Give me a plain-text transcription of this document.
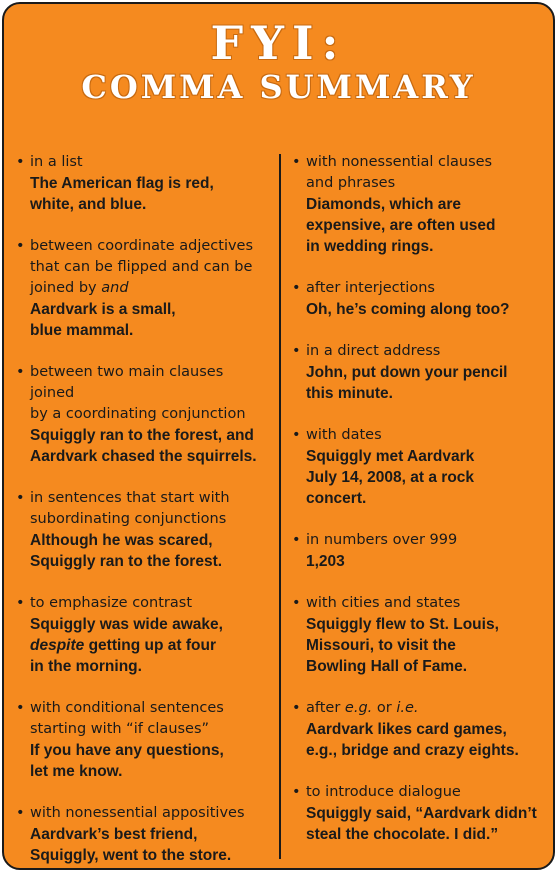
FYI:
COMMA SUMMARY
• in a list
The American flag is red,
white, and blue.
• between coordinate adjectives
that can be flipped and can be
joined by and
Aardvark is a small,
blue mammal.
• between two main clauses joined
by a coordinating conjunction
Squiggly ran to the forest, and
Aardvark chased the squirrels.
• in sentences that start with
subordinating conjunctions
Although he was scared,
Squiggly ran to the forest.
• to emphasize contrast
Squiggly was wide awake,
despite getting up at four
in the morning.
• with conditional sentences
starting with “if clauses”
If you have any questions,
let me know.
• with nonessential appositives
Aardvark’s best friend,
Squiggly, went to the store.
• with nonessential clauses
and phrases
Diamonds, which are
expensive, are often used
in wedding rings.
• after interjections
Oh, he’s coming along too?
• in a direct address
John, put down your pencil
this minute.
• with dates
Squiggly met Aardvark
July 14, 2008, at a rock
concert.
• in numbers over 999
1,203
• with cities and states
Squiggly flew to St. Louis,
Missouri, to visit the
Bowling Hall of Fame.
• after e.g. or i.e.
Aardvark likes card games,
e.g., bridge and crazy eights.
• to introduce dialogue
Squiggly said, “Aardvark didn’t
steal the chocolate. I did.”
